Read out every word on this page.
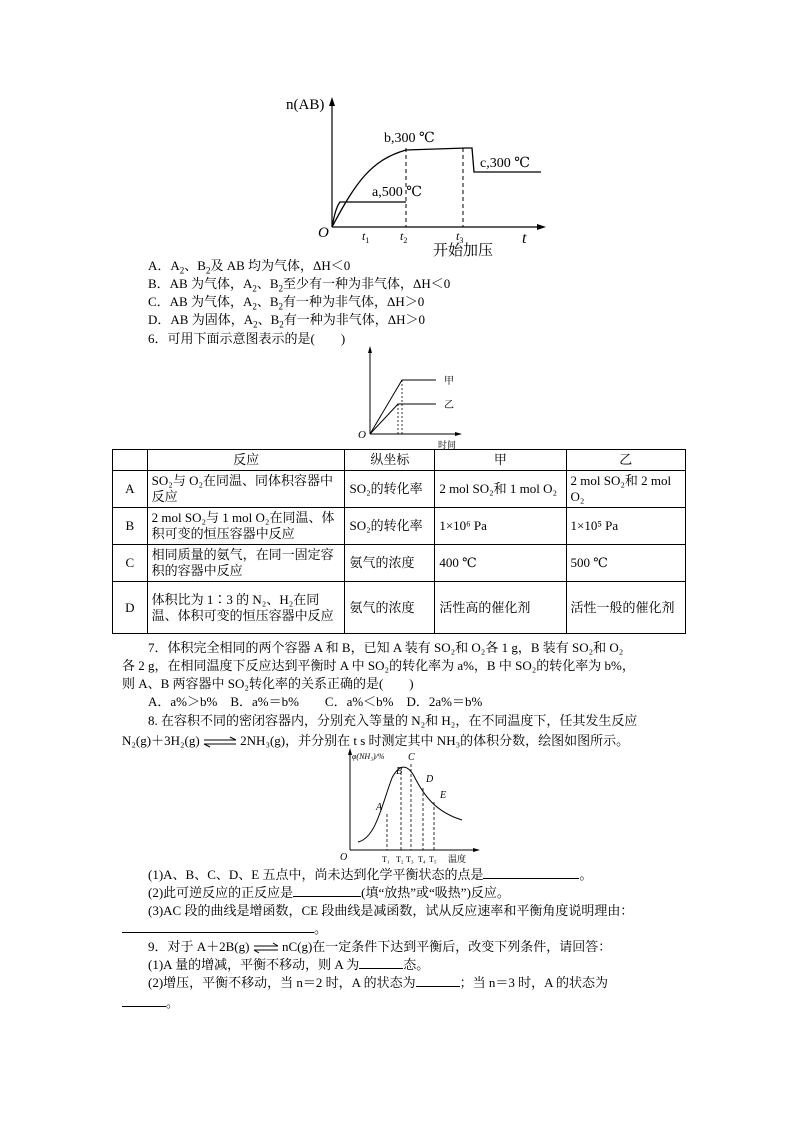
n(AB)
t
O
b,300 ℃
a,500 ℃
c,300 ℃
$t_1$	$t_2$	$t_3$
开始加压
A．$A_2$、$B_2$及 AB 均为气体，ΔH＜0
B．AB 为气体，$A_2$、$B_2$至少有一种为非气体，ΔH＜0
C．AB 为气体，$A_2$、$B_2$有一种为非气体，ΔH＞0
D．AB 为固体，$A_2$、$B_2$有一种为非气体，ΔH＞0
6．可用下面示意图表示的是(　　)
甲
乙
O
时间
	反应	纵坐标	甲	乙
A	SO₂与 O₂在同温、同体积容器中反应	SO₂的转化率	2 mol SO₂和 1 mol O₂	2 mol SO₂和 2 mol O₂
B	2 mol SO₂与 1 mol O₂在同温、体积可变的恒压容器中反应	SO₂的转化率	1×10⁶ Pa	1×10⁵ Pa
C	相同质量的氨气，在同一固定容积的容器中反应	氨气的浓度	400 ℃	500 ℃
D	体积比为 1∶3 的 N₂、H₂在同温、体积可变的恒压容器中反应	氨气的浓度	活性高的催化剂	活性一般的催化剂
7．体积完全相同的两个容器 A 和 B，已知 A 装有 SO₂和 O₂各 1 g，B 装有 SO₂和 O₂
各 2 g，在相同温度下反应达到平衡时 A 中 SO₂的转化率为 a%，B 中 SO₂的转化率为 b%，
则 A、B 两容器中 SO₂转化率的关系正确的是(　　)
A．a%＞b%　B．a%＝b%　　C．a%＜b%　D．2a%＝b%
8. 在容积不同的密闭容器内，分别充入等量的 N₂和 H₂，在不同温度下，任其发生反应
N₂(g)＋3H₂(g) ⇌ 2NH₃(g)，并分别在 t s 时测定其中 NH₃的体积分数，绘图如图所示。
φ(NH₃)/%
A
B
C
D
E
T₁ T₂ T₃ T₄ T₅ 温度
O
(1)A、B、C、D、E 五点中，尚未达到化学平衡状态的点是	。
(2)此可逆反应的正反应是	(填“放热”或“吸热”)反应。
(3)AC 段的曲线是增函数，CE 段曲线是减函数，试从反应速率和平衡角度说明理由：
。
9．对于 A＋2B(g) ⇌ nC(g)在一定条件下达到平衡后，改变下列条件，请回答：
(1)A 量的增减，平衡不移动，则 A 为	态。
(2)增压，平衡不移动，当 n＝2 时，A 的状态为	；当 n＝3 时，A 的状态为
。
